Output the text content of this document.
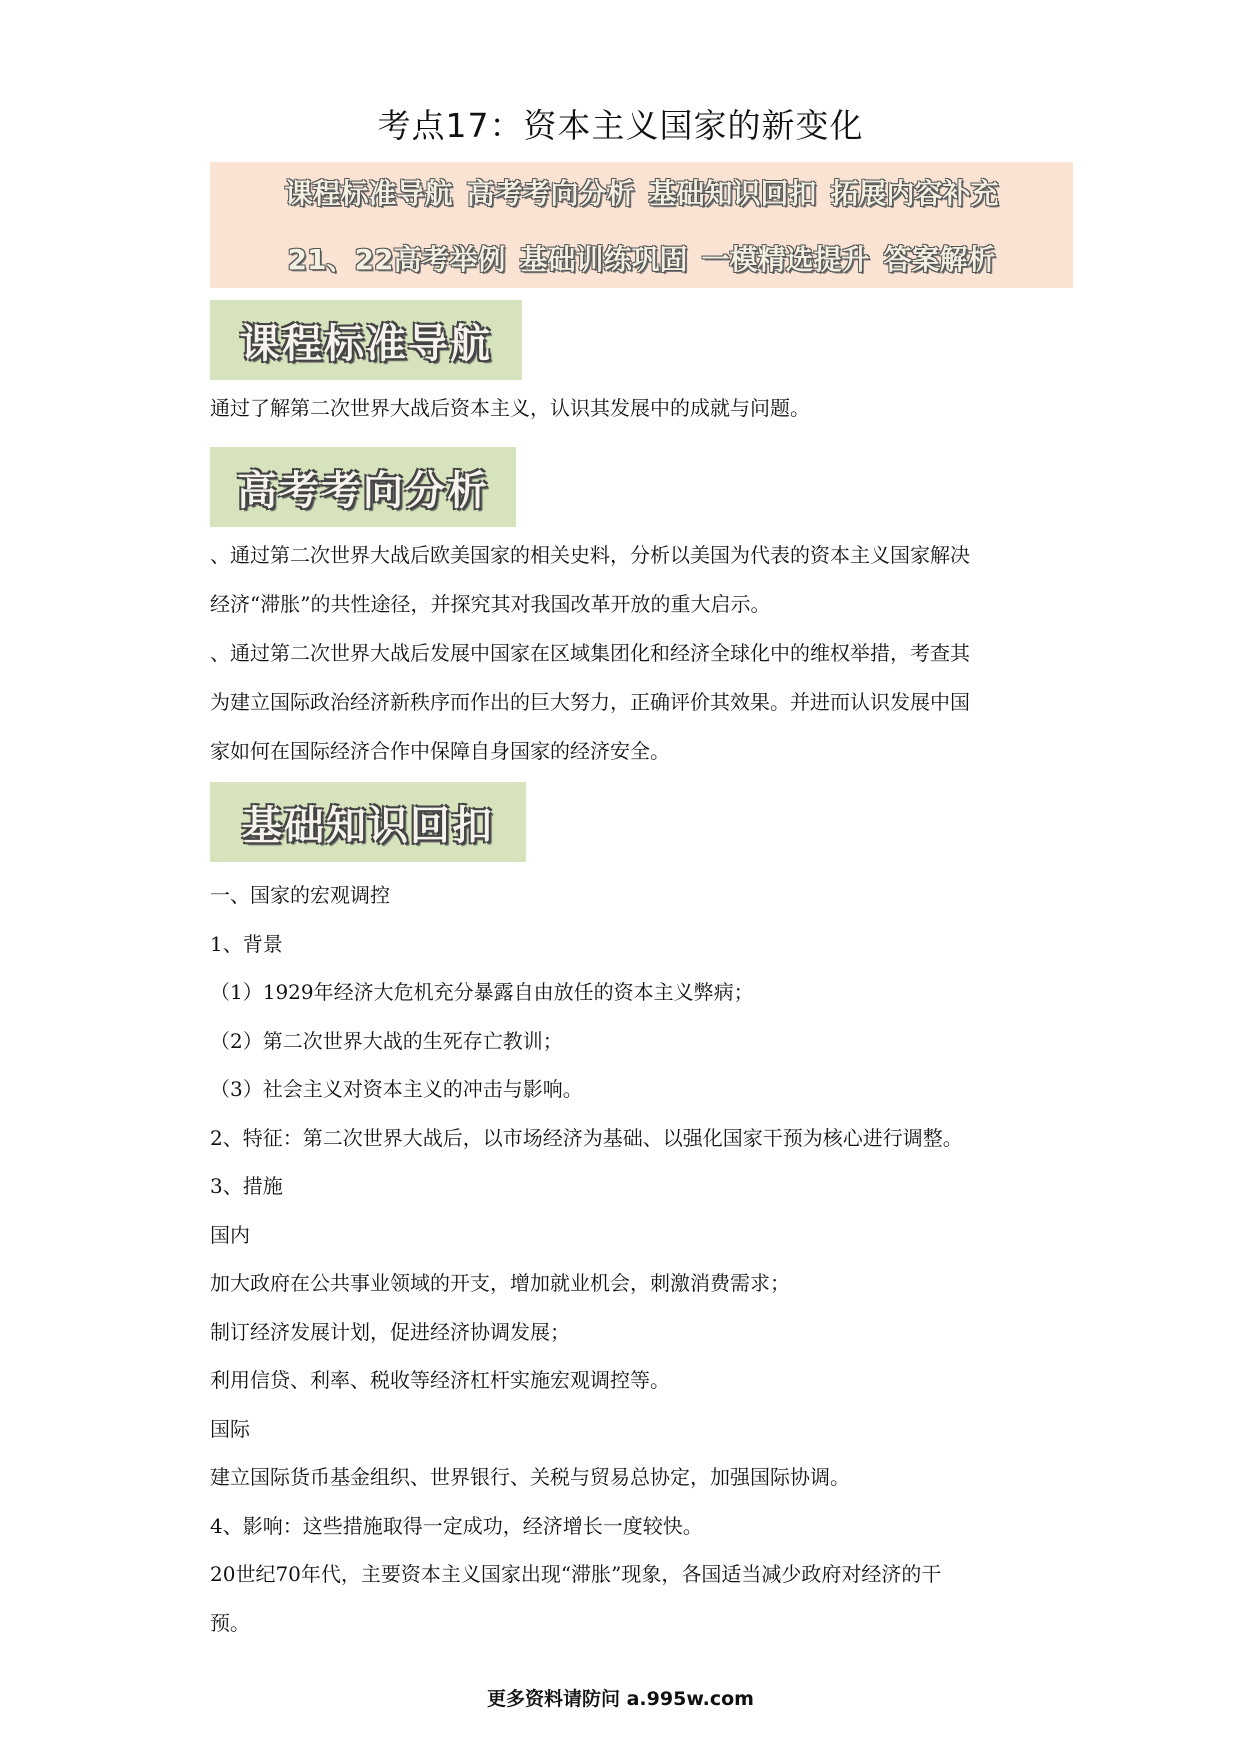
考点17：资本主义国家的新变化
课程标准导航 高考考向分析 基础知识回扣 拓展内容补充
21、22高考举例 基础训练巩固 一模精选提升 答案解析
课程标准导航
通过了解第二次世界大战后资本主义，认识其发展中的成就与问题。
高考考向分析
、通过第二次世界大战后欧美国家的相关史料，分析以美国为代表的资本主义国家解决
经济“滞胀”的共性途径，并探究其对我国改革开放的重大启示。
、通过第二次世界大战后发展中国家在区域集团化和经济全球化中的维权举措，考查其
为建立国际政治经济新秩序而作出的巨大努力，正确评价其效果。并进而认识发展中国
家如何在国际经济合作中保障自身国家的经济安全。
基础知识回扣
一、国家的宏观调控
1、背景
（1）1929年经济大危机充分暴露自由放任的资本主义弊病；
（2）第二次世界大战的生死存亡教训；
（3）社会主义对资本主义的冲击与影响。
2、特征：第二次世界大战后，以市场经济为基础、以强化国家干预为核心进行调整。
3、措施
国内
加大政府在公共事业领域的开支，增加就业机会，刺激消费需求；
制订经济发展计划，促进经济协调发展；
利用信贷、利率、税收等经济杠杆实施宏观调控等。
国际
建立国际货币基金组织、世界银行、关税与贸易总协定，加强国际协调。
4、影响：这些措施取得一定成功，经济增长一度较快。
20世纪70年代，主要资本主义国家出现“滞胀”现象，各国适当减少政府对经济的干
预。
更多资料请防问 a.995w.com
